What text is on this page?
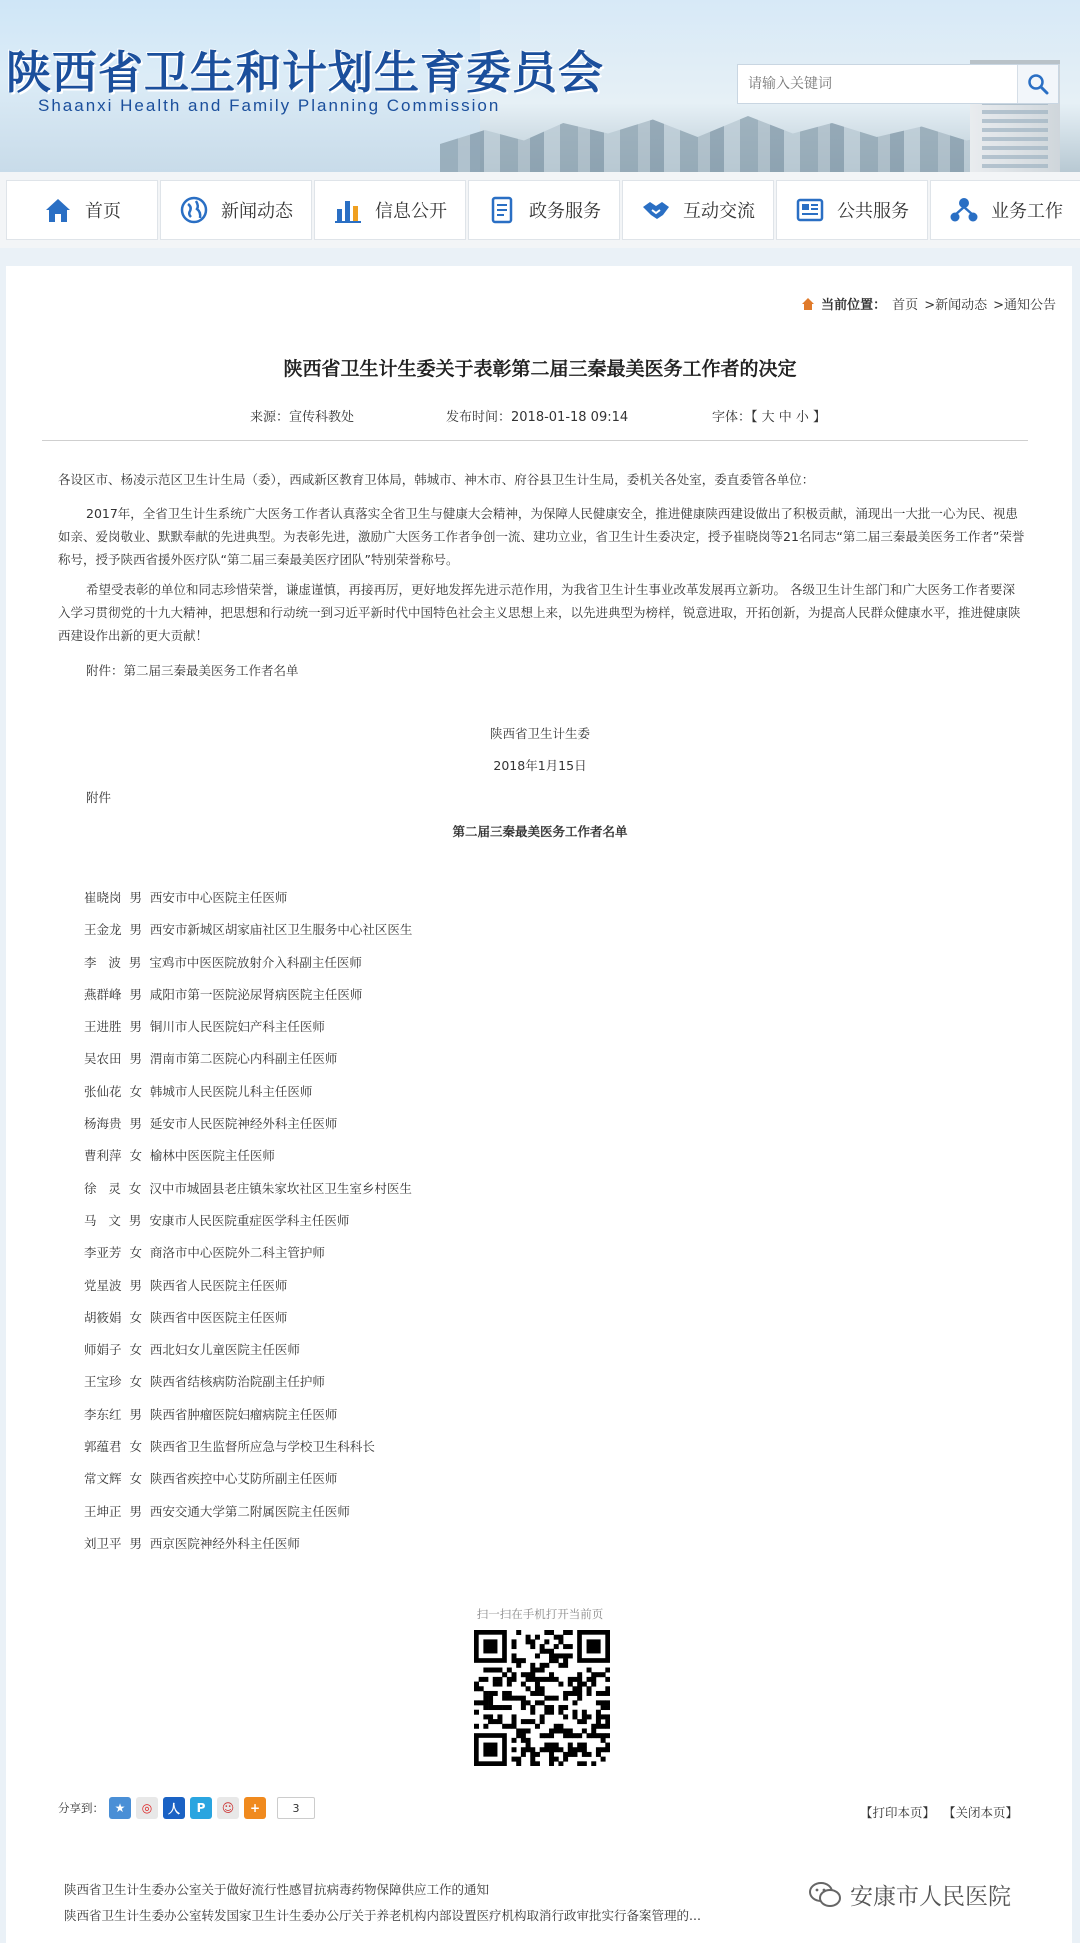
陕西省卫生和计划生育委员会
Shaanxi Health and Family Planning Commission
请输入关键词
首页	新闻动态	信息公开	政务服务	互动交流	公共服务	业务工作
当前位置： 首页 >新闻动态 >通知公告
陕西省卫生计生委关于表彰第二届三秦最美医务工作者的决定
来源：宣传科教处	发布时间：2018-01-18 09:14	字体：【 大 中 小 】
各设区市、杨凌示范区卫生计生局（委），西咸新区教育卫体局，韩城市、神木市、府谷县卫生计生局，委机关各处室，委直委管各单位：
2017年，全省卫生计生系统广大医务工作者认真落实全省卫生与健康大会精神，为保障人民健康安全，推进健康陕西建设做出了积极贡献，涌现出一大批一心为民、视患如亲、爱岗敬业、默默奉献的先进典型。为表彰先进，激励广大医务工作者争创一流、建功立业，省卫生计生委决定，授予崔晓岗等21名同志“第二届三秦最美医务工作者”荣誉称号，授予陕西省援外医疗队“第二届三秦最美医疗团队”特别荣誉称号。
希望受表彰的单位和同志珍惜荣誉，谦虚谨慎，再接再厉，更好地发挥先进示范作用，为我省卫生计生事业改革发展再立新功。 各级卫生计生部门和广大医务工作者要深入学习贯彻党的十九大精神，把思想和行动统一到习近平新时代中国特色社会主义思想上来，以先进典型为榜样，锐意进取，开拓创新，为提高人民群众健康水平，推进健康陕西建设作出新的更大贡献！
附件：第二届三秦最美医务工作者名单
陕西省卫生计生委
2018年1月15日
附件
第二届三秦最美医务工作者名单
崔晓岗  男  西安市中心医院主任医师
王金龙  男  西安市新城区胡家庙社区卫生服务中心社区医生
李   波  男  宝鸡市中医医院放射介入科副主任医师
燕群峰  男  咸阳市第一医院泌尿肾病医院主任医师
王进胜  男  铜川市人民医院妇产科主任医师
吴农田  男  渭南市第二医院心内科副主任医师
张仙花  女  韩城市人民医院儿科主任医师
杨海贵  男  延安市人民医院神经外科主任医师
曹利萍  女  榆林中医医院主任医师
徐   灵  女  汉中市城固县老庄镇朱家坎社区卫生室乡村医生
马   文  男  安康市人民医院重症医学科主任医师
李亚芳  女  商洛市中心医院外二科主管护师
党星波  男  陕西省人民医院主任医师
胡筱娟  女  陕西省中医医院主任医师
师娟子  女  西北妇女儿童医院主任医师
王宝珍  女  陕西省结核病防治院副主任护师
李东红  男  陕西省肿瘤医院妇瘤病院主任医师
郭蕴君  女  陕西省卫生监督所应急与学校卫生科科长
常文辉  女  陕西省疾控中心艾防所副主任医师
王坤正  男  西安交通大学第二附属医院主任医师
刘卫平  男  西京医院神经外科主任医师
扫一扫在手机打开当前页
分享到： ★	◎	人	P	☺	+	3	【打印本页】 【关闭本页】
陕西省卫生计生委办公室关于做好流行性感冒抗病毒药物保障供应工作的通知
陕西省卫生计生委办公室转发国家卫生计生委办公厅关于养老机构内部设置医疗机构取消行政审批实行备案管理的...
安康市人民医院
